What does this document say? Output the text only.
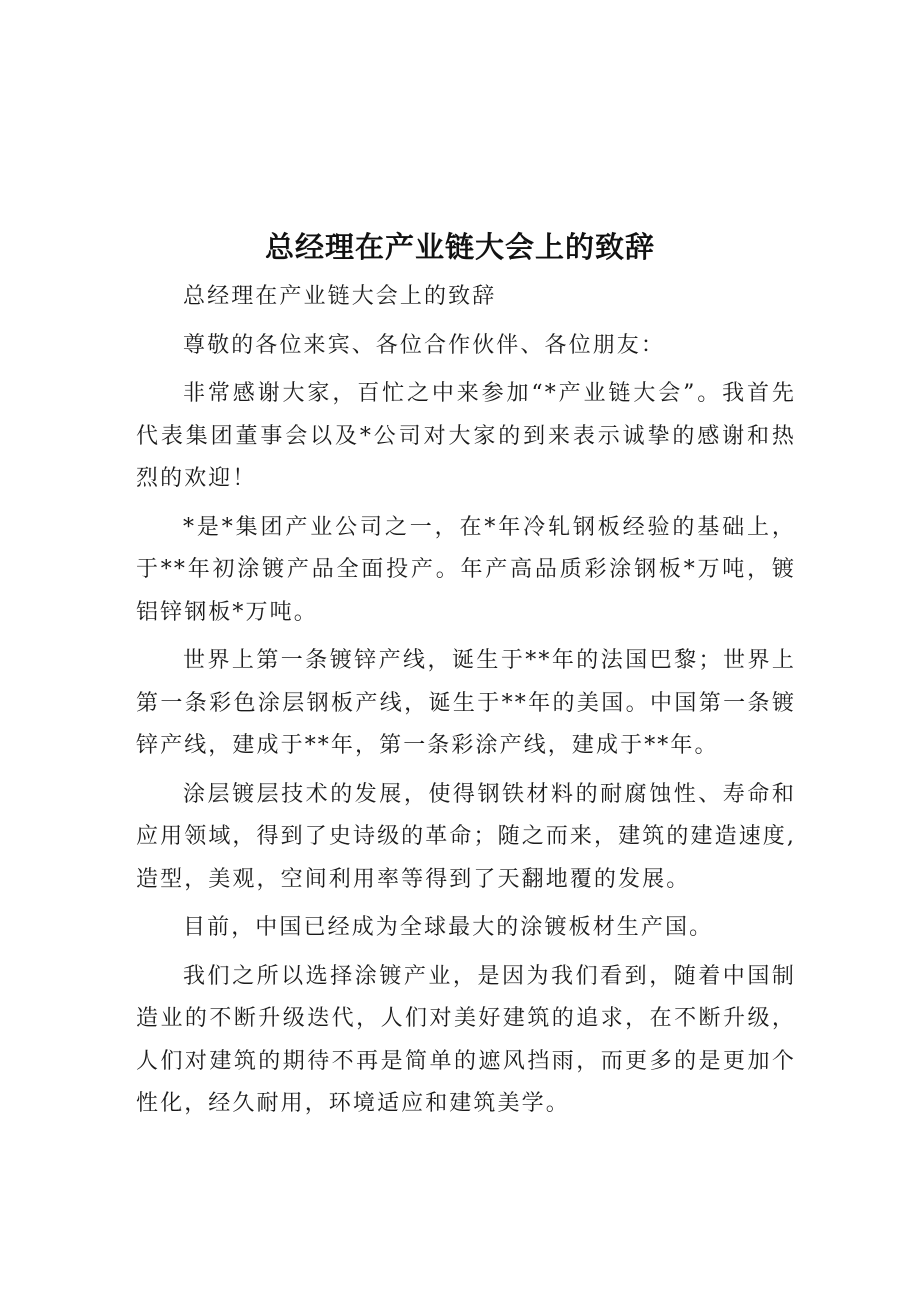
总经理在产业链大会上的致辞

总经理在产业链大会上的致辞

尊敬的各位来宾、各位合作伙伴、各位朋友：

非常感谢大家，百忙之中来参加“*产业链大会”。我首先代表集团董事会以及*公司对大家的到来表示诚挚的感谢和热烈的欢迎！

*是*集团产业公司之一，在*年冷轧钢板经验的基础上，于**年初涂镀产品全面投产。年产高品质彩涂钢板*万吨，镀铝锌钢板*万吨。

世界上第一条镀锌产线，诞生于**年的法国巴黎；世界上第一条彩色涂层钢板产线，诞生于**年的美国。中国第一条镀锌产线，建成于**年，第一条彩涂产线，建成于**年。

涂层镀层技术的发展，使得钢铁材料的耐腐蚀性、寿命和应用领域，得到了史诗级的革命；随之而来，建筑的建造速度,造型，美观，空间利用率等得到了天翻地覆的发展。

目前，中国已经成为全球最大的涂镀板材生产国。

我们之所以选择涂镀产业，是因为我们看到，随着中国制造业的不断升级迭代，人们对美好建筑的追求，在不断升级，人们对建筑的期待不再是简单的遮风挡雨，而更多的是更加个性化，经久耐用，环境适应和建筑美学。
